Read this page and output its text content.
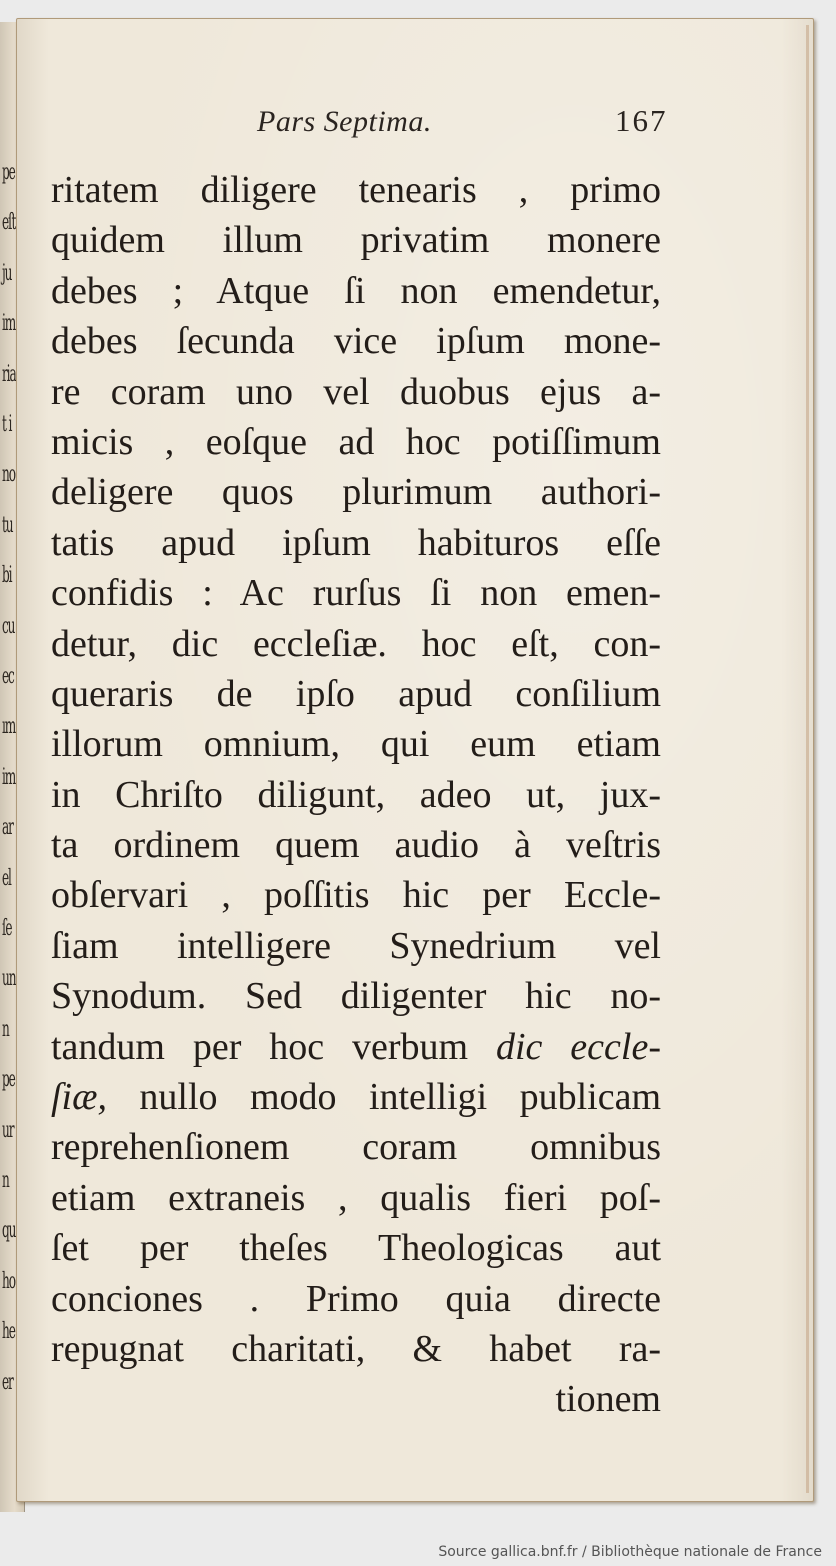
pe
eſt
ju
im
ria
t i
no
tu
bi
cu
ec
ım
im
ar
el
ſe
un
n
pe
ur
n
qu
ho
he
er
Pars Septima.	167
ritatem diligere tenearis , primo
quidem illum privatim monere
debes ; Atque ſi non emendetur,
debes ſecunda vice ipſum mone-
re coram uno vel duobus ejus a-
micis , eoſque ad hoc potiſſimum
deligere quos plurimum authori-
tatis apud ipſum habituros eſſe
confidis : Ac rurſus ſi non emen-
detur, dic eccleſiæ. hoc eſt, con-
queraris de ipſo apud conſilium
illorum omnium, qui eum etiam
in Chriſto diligunt, adeo ut, jux-
ta ordinem quem audio à veſtris
obſervari , poſſitis hic per Eccle-
ſiam intelligere Synedrium vel
Synodum. Sed diligenter hic no-
tandum per hoc verbum dic eccle-
ſiæ, nullo modo intelligi publicam
reprehenſionem coram omnibus
etiam extraneis , qualis fieri poſ-
ſet per theſes Theologicas aut
conciones . Primo quia directe
repugnat charitati, & habet ra-
tionem
Source gallica.bnf.fr / Bibliothèque nationale de France
